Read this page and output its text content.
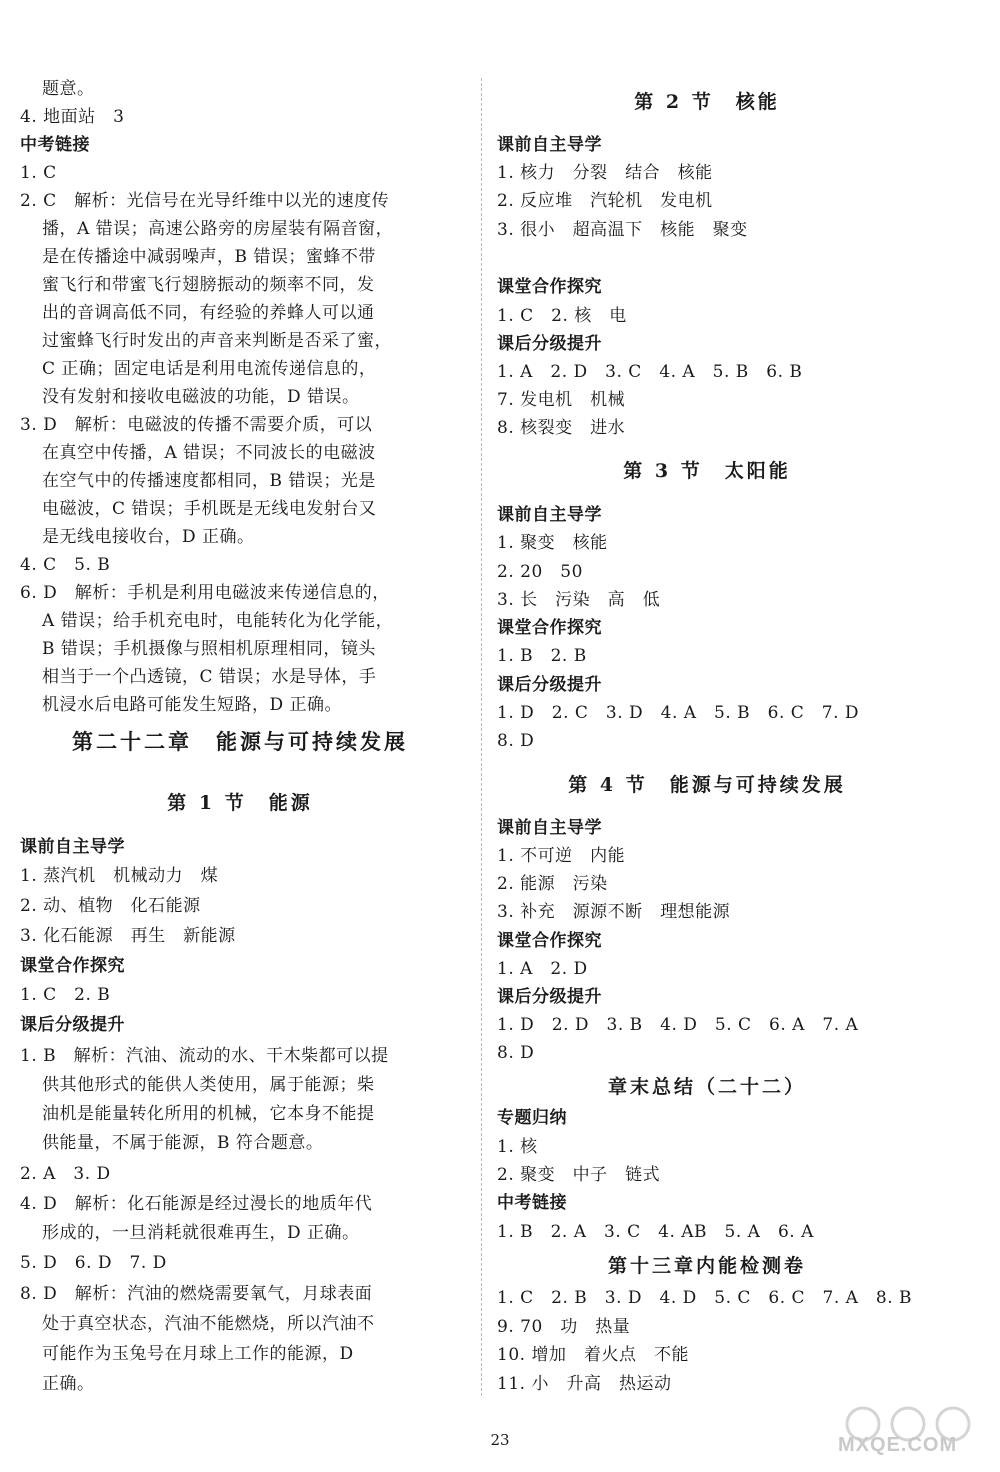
题意。
4. 地面站　3
中考链接
1. C
2. C　解析：光信号在光导纤维中以光的速度传
播，A 错误；高速公路旁的房屋装有隔音窗，
是在传播途中减弱噪声，B 错误；蜜蜂不带
蜜飞行和带蜜飞行翅膀振动的频率不同，发
出的音调高低不同，有经验的养蜂人可以通
过蜜蜂飞行时发出的声音来判断是否采了蜜，
C 正确；固定电话是利用电流传递信息的，
没有发射和接收电磁波的功能，D 错误。
3. D　解析：电磁波的传播不需要介质，可以
在真空中传播，A 错误；不同波长的电磁波
在空气中的传播速度都相同，B 错误；光是
电磁波，C 错误；手机既是无线电发射台又
是无线电接收台，D 正确。
4. C　5. B
6. D　解析：手机是利用电磁波来传递信息的，
A 错误；给手机充电时，电能转化为化学能，
B 错误；手机摄像与照相机原理相同，镜头
相当于一个凸透镜，C 错误；水是导体，手
机浸水后电路可能发生短路，D 正确。
第二十二章　能源与可持续发展
第 1 节　能源
课前自主导学
1. 蒸汽机　机械动力　煤
2. 动、植物　化石能源
3. 化石能源　再生　新能源
课堂合作探究
1. C　2. B
课后分级提升
1. B　解析：汽油、流动的水、干木柴都可以提
供其他形式的能供人类使用，属于能源；柴
油机是能量转化所用的机械，它本身不能提
供能量，不属于能源，B 符合题意。
2. A　3. D
4. D　解析：化石能源是经过漫长的地质年代
形成的，一旦消耗就很难再生，D 正确。
5. D　6. D　7. D
8. D　解析：汽油的燃烧需要氧气，月球表面
处于真空状态，汽油不能燃烧，所以汽油不
可能作为玉兔号在月球上工作的能源，D
正确。
第 2 节　核能
课前自主导学
1. 核力　分裂　结合　核能
2. 反应堆　汽轮机　发电机
3. 很小　超高温下　核能　聚变
课堂合作探究
1. C　2. 核　电
课后分级提升
1. A　2. D　3. C　4. A　5. B　6. B
7. 发电机　机械
8. 核裂变　进水
第 3 节　太阳能
课前自主导学
1. 聚变　核能
2. 20　50
3. 长　污染　高　低
课堂合作探究
1. B　2. B
课后分级提升
1. D　2. C　3. D　4. A　5. B　6. C　7. D
8. D
第 4 节　能源与可持续发展
课前自主导学
1. 不可逆　内能
2. 能源　污染
3. 补充　源源不断　理想能源
课堂合作探究
1. A　2. D
课后分级提升
1. D　2. D　3. B　4. D　5. C　6. A　7. A
8. D
章末总结（二十二）
专题归纳
1. 核
2. 聚变　中子　链式
中考链接
1. B　2. A　3. C　4. AB　5. A　6. A
第十三章内能检测卷
1. C　2. B　3. D　4. D　5. C　6. C　7. A　8. B
9. 70　功　热量
10. 增加　着火点　不能
11. 小　升高　热运动
23	MXQE.COM
